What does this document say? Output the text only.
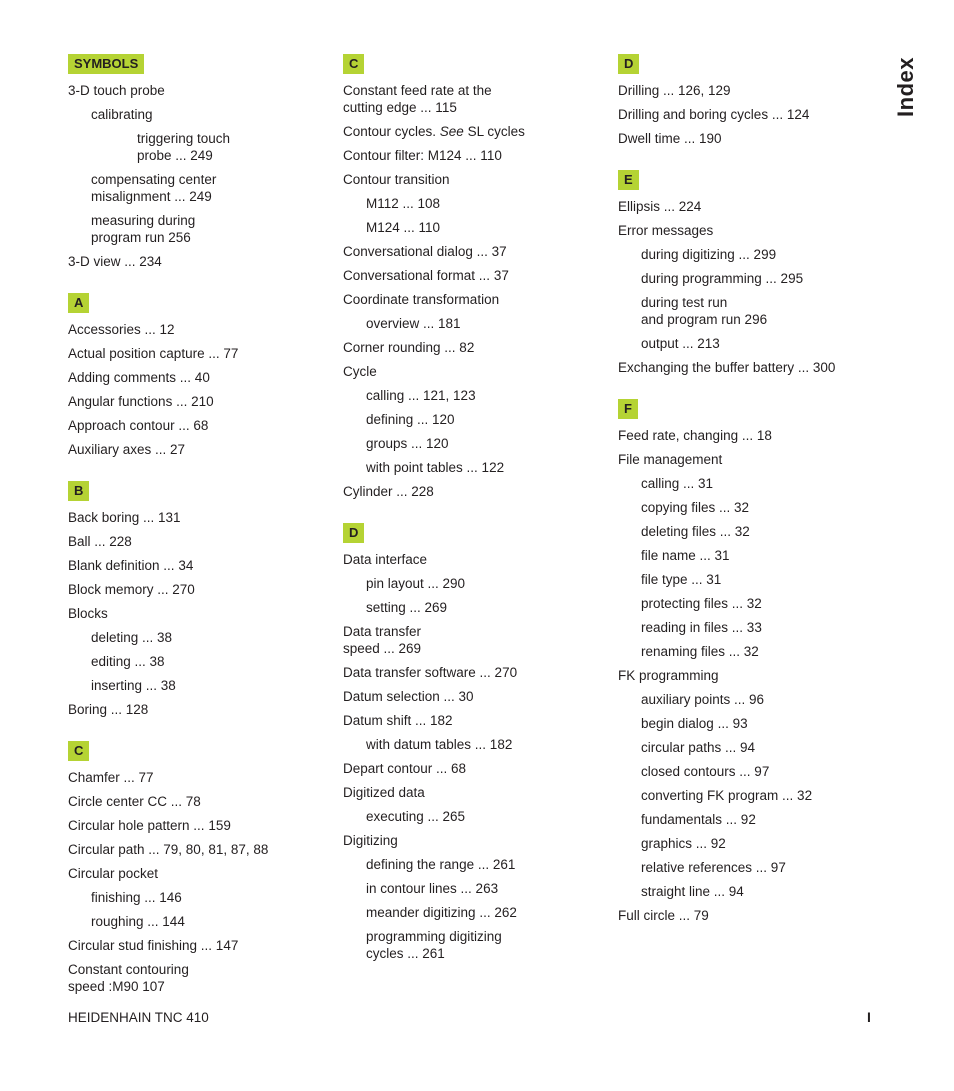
SYMBOLS
3-D touch probe
calibrating
triggering touch
probe ... 249
compensating center
misalignment ... 249
measuring during
program run 256
3-D view ... 234
A
Accessories ... 12
Actual position capture ... 77
Adding comments ... 40
Angular functions ... 210
Approach contour ... 68
Auxiliary axes ... 27
B
Back boring ... 131
Ball ... 228
Blank definition ... 34
Block memory ... 270
Blocks
deleting ... 38
editing ... 38
inserting ... 38
Boring ... 128
C
Chamfer ... 77
Circle center CC ... 78
Circular hole pattern ... 159
Circular path ... 79, 80, 81, 87, 88
Circular pocket
finishing ... 146
roughing ... 144
Circular stud finishing ... 147
Constant contouring
speed :M90 107
C
Constant feed rate at the
cutting edge ... 115
Contour cycles. See SL cycles
Contour filter: M124 ... 110
Contour transition
M112 ... 108
M124 ... 110
Conversational dialog ... 37
Conversational format ... 37
Coordinate transformation
overview ... 181
Corner rounding ... 82
Cycle
calling ... 121, 123
defining ... 120
groups ... 120
with point tables ... 122
Cylinder ... 228
D
Data interface
pin layout ... 290
setting ... 269
Data transfer
speed ... 269
Data transfer software ... 270
Datum selection ... 30
Datum shift ... 182
with datum tables ... 182
Depart contour ... 68
Digitized data
executing ... 265
Digitizing
defining the range ... 261
in contour lines ... 263
meander digitizing ... 262
programming digitizing
cycles ... 261
D
Drilling ... 126, 129
Drilling and boring cycles ... 124
Dwell time ... 190
E
Ellipsis ... 224
Error messages
during digitizing ... 299
during programming ... 295
during test run
and program run 296
output ... 213
Exchanging the buffer battery ... 300
F
Feed rate, changing ... 18
File management
calling ... 31
copying files ... 32
deleting files ... 32
file name ... 31
file type ... 31
protecting files ... 32
reading in files ... 33
renaming files ... 32
FK programming
auxiliary points ... 96
begin dialog ... 93
circular paths ... 94
closed contours ... 97
converting FK program ... 32
fundamentals ... 92
graphics ... 92
relative references ... 97
straight line ... 94
Full circle ... 79
Index
HEIDENHAIN TNC 410	I
